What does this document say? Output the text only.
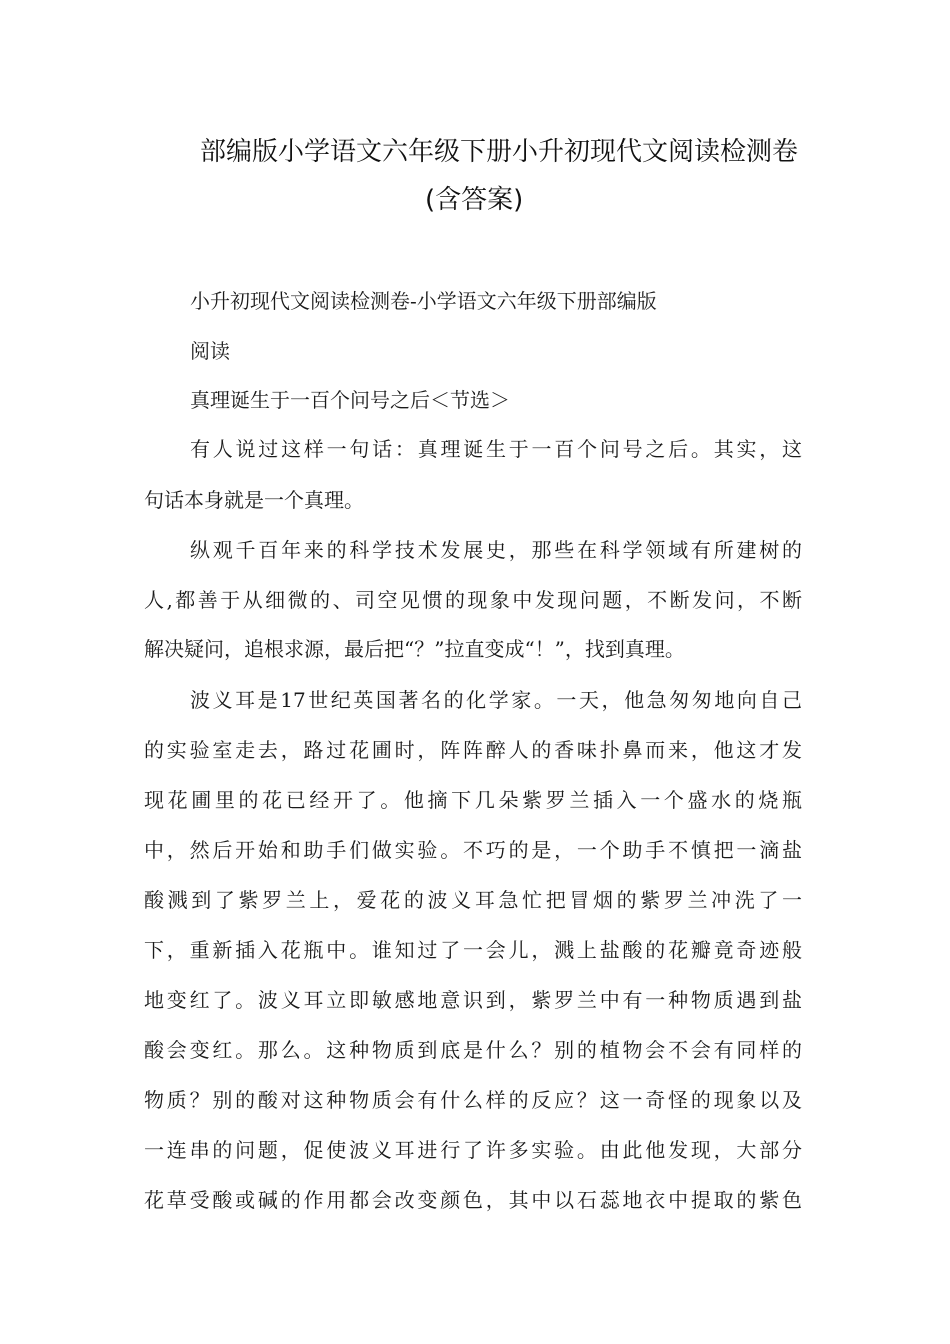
部编版小学语文六年级下册小升初现代文阅读检测卷
(含答案)
小升初现代文阅读检测卷-小学语文六年级下册部编版
阅读
真理诞生于一百个问号之后＜节选＞
有人说过这样一句话：真理诞生于一百个问号之后。其实，这
句话本身就是一个真理。
纵观千百年来的科学技术发展史，那些在科学领域有所建树的
人,都善于从细微的、司空见惯的现象中发现问题，不断发问，不断
解决疑问，追根求源，最后把“？”拉直变成“！”，找到真理。
波义耳是17世纪英国著名的化学家。一天，他急匆匆地向自己
的实验室走去，路过花圃时，阵阵醉人的香味扑鼻而来，他这才发
现花圃里的花已经开了。他摘下几朵紫罗兰插入一个盛水的烧瓶
中，然后开始和助手们做实验。不巧的是，一个助手不慎把一滴盐
酸溅到了紫罗兰上，爱花的波义耳急忙把冒烟的紫罗兰冲洗了一
下，重新插入花瓶中。谁知过了一会儿，溅上盐酸的花瓣竟奇迹般
地变红了。波义耳立即敏感地意识到，紫罗兰中有一种物质遇到盐
酸会变红。那么。这种物质到底是什么？别的植物会不会有同样的
物质？别的酸对这种物质会有什么样的反应？这一奇怪的现象以及
一连串的问题，促使波义耳进行了许多实验。由此他发现，大部分
花草受酸或碱的作用都会改变颜色，其中以石蕊地衣中提取的紫色
